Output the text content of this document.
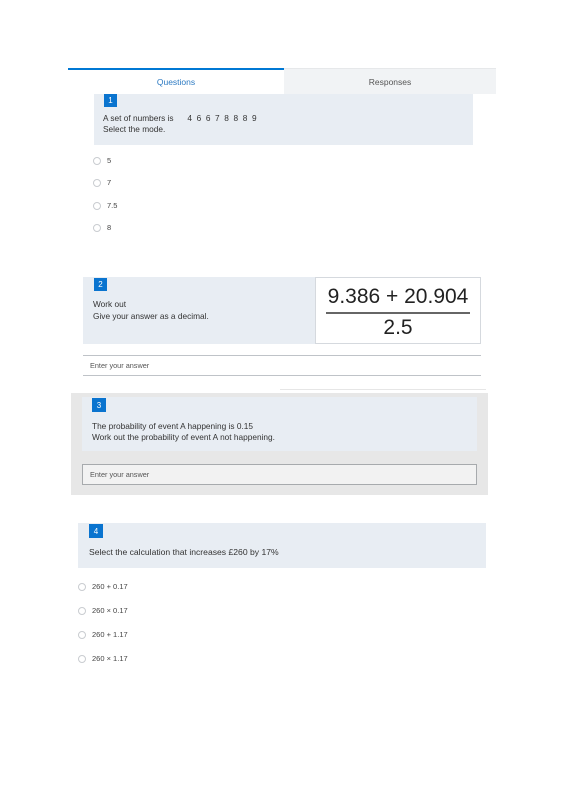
Questions	Responses
1
A set of numbers is      4  6  6  7  8  8  8  9
Select the mode.
5
7
7.5
8
2
Work out
Give your answer as a decimal.
9.386 + 20.904
2.5
Enter your answer
3
The probability of event A happening is 0.15
Work out the probability of event A not happening.
Enter your answer
4
Select the calculation that increases £260 by 17%
260 + 0.17
260 × 0.17
260 + 1.17
260 × 1.17
